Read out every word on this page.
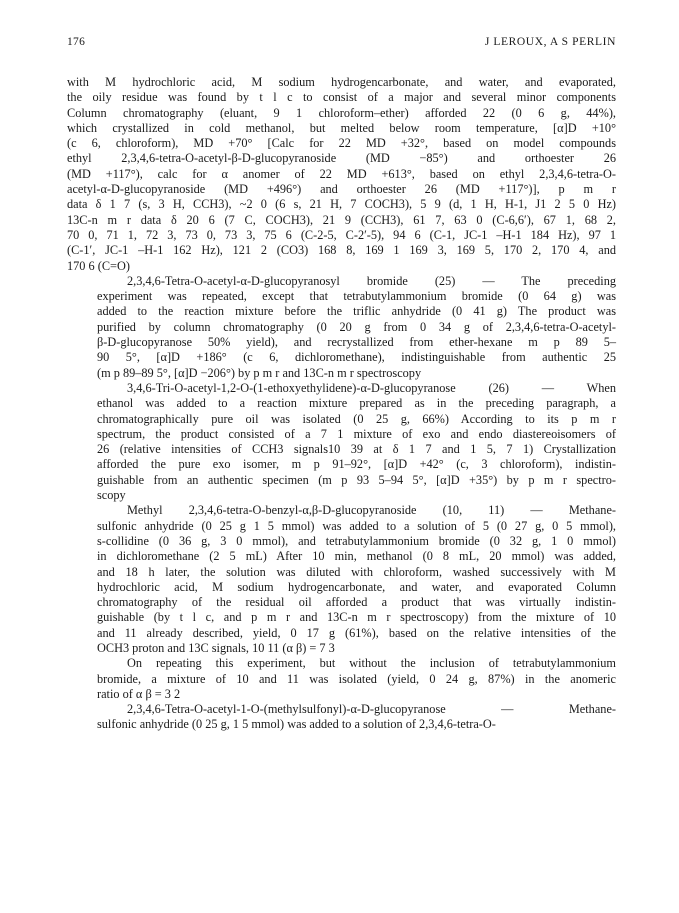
176	J LEROUX, A S PERLIN
with M hydrochloric acid, M sodium hydrogencarbonate, and water, and evaporated,
the oily residue was found by t l c to consist of a major and several minor components
Column chromatography (eluant, 9 1 chloroform–ether) afforded 22 (0 6 g, 44%),
which crystallized in cold methanol, but melted below room temperature, [α]D +10°
(c 6, chloroform), MD +70° [Calc for 22 MD +32°, based on model compounds
ethyl 2,3,4,6-tetra-O-acetyl-β-D-glucopyranoside (MD −85°) and orthoester 26
(MD +117°), calc for α anomer of 22 MD +613°, based on ethyl 2,3,4,6-tetra-O-
acetyl-α-D-glucopyranoside (MD +496°) and orthoester 26 (MD +117°)], p m r
data δ 1 7 (s, 3 H, CCH3), ~2 0 (6 s, 21 H, 7 COCH3), 5 9 (d, 1 H, H-1, J1 2 5 0 Hz)
13C-n m r data δ 20 6 (7 C, COCH3), 21 9 (CCH3), 61 7, 63 0 (C-6,6′), 67 1, 68 2,
70 0, 71 1, 72 3, 73 0, 73 3, 75 6 (C-2-5, C-2′-5), 94 6 (C-1, JC-1 –H-1 184 Hz), 97 1
(C-1′, JC-1 –H-1 162 Hz), 121 2 (CO3) 168 8, 169 1 169 3, 169 5, 170 2, 170 4, and
170 6 (C=O)
2,3,4,6-Tetra-O-acetyl-α-D-glucopyranosyl bromide (25) — The preceding
experiment was repeated, except that tetrabutylammonium bromide (0 64 g) was
added to the reaction mixture before the triflic anhydride (0 41 g) The product was
purified by column chromatography (0 20 g from 0 34 g of 2,3,4,6-tetra-O-acetyl-
β-D-glucopyranose 50% yield), and recrystallized from ether-hexane m p 89 5–
90 5°, [α]D +186° (c 6, dichloromethane), indistinguishable from authentic 25
(m p 89–89 5°, [α]D −206°) by p m r and 13C-n m r spectroscopy
3,4,6-Tri-O-acetyl-1,2-O-(1-ethoxyethylidene)-α-D-glucopyranose (26) — When
ethanol was added to a reaction mixture prepared as in the preceding paragraph, a
chromatographically pure oil was isolated (0 25 g, 66%) According to its p m r
spectrum, the product consisted of a 7 1 mixture of exo and endo diastereoisomers of
26 (relative intensities of CCH3 signals10 39 at δ 1 7 and 1 5, 7 1) Crystallization
afforded the pure exo isomer, m p 91–92°, [α]D +42° (c, 3 chloroform), indistin-
guishable from an authentic specimen (m p 93 5–94 5°, [α]D +35°) by p m r spectro-
scopy
Methyl 2,3,4,6-tetra-O-benzyl-α,β-D-glucopyranoside (10, 11) — Methane-
sulfonic anhydride (0 25 g 1 5 mmol) was added to a solution of 5 (0 27 g, 0 5 mmol),
s-collidine (0 36 g, 3 0 mmol), and tetrabutylammonium bromide (0 32 g, 1 0 mmol)
in dichloromethane (2 5 mL) After 10 min, methanol (0 8 mL, 20 mmol) was added,
and 18 h later, the solution was diluted with chloroform, washed successively with M
hydrochloric acid, M sodium hydrogencarbonate, and water, and evaporated Column
chromatography of the residual oil afforded a product that was virtually indistin-
guishable (by t l c, and p m r and 13C-n m r spectroscopy) from the mixture of 10
and 11 already described, yield, 0 17 g (61%), based on the relative intensities of the
OCH3 proton and 13C signals, 10 11 (α β) = 7 3
On repeating this experiment, but without the inclusion of tetrabutylammonium
bromide, a mixture of 10 and 11 was isolated (yield, 0 24 g, 87%) in the anomeric
ratio of α β = 3 2
2,3,4,6-Tetra-O-acetyl-1-O-(methylsulfonyl)-α-D-glucopyranose — Methane-
sulfonic anhydride (0 25 g, 1 5 mmol) was added to a solution of 2,3,4,6-tetra-O-
